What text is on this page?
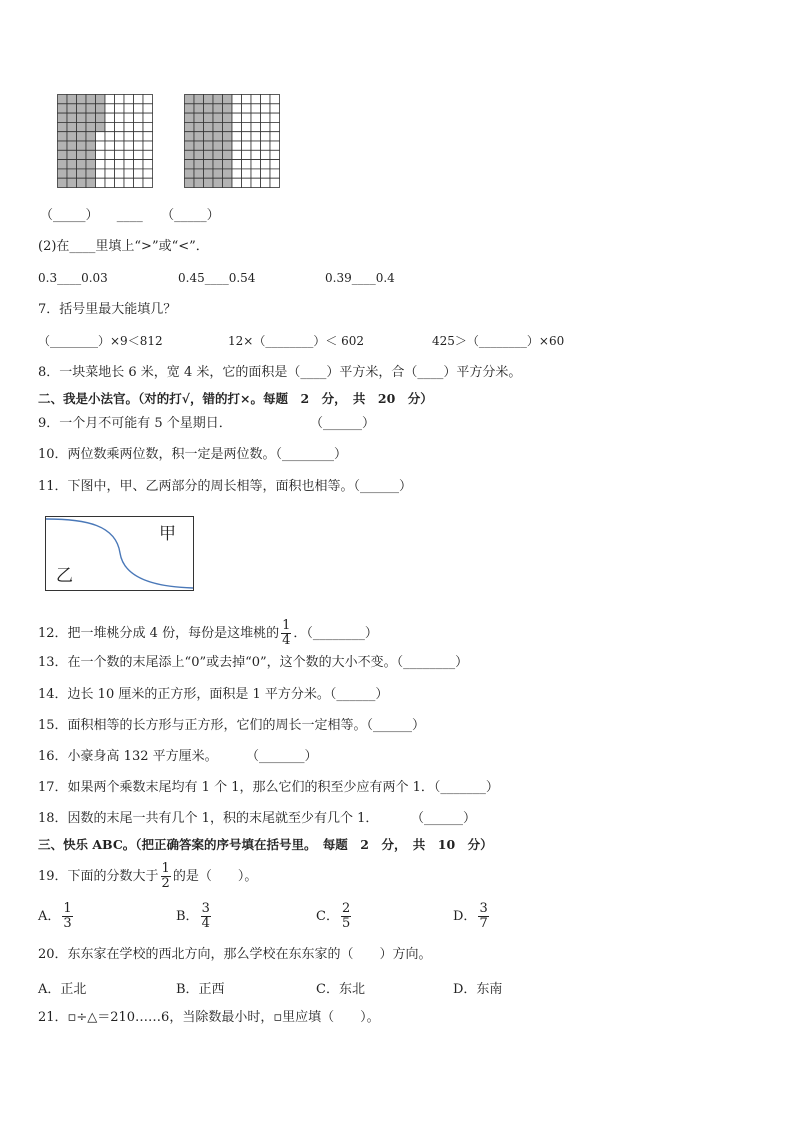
（_____） ____ （_____）
(2)在____里填上“>”或“<”．
0.3____0.03	0.45____0.54	0.39____0.4
7．括号里最大能填几？
（________）×9＜812	12×（________）＜ 602	425＞（________）×60
8．一块菜地长 6 米，宽 4 米，它的面积是（____）平方米，合（____）平方分米。
二、我是小法官。（对的打√，错的打×。每题　2　分，　共　20　分）
9．一个月不可能有 5 个星期日．	（______）
10．两位数乘两位数，积一定是两位数。（________）
11．下图中，甲、乙两部分的周长相等，面积也相等。（______）
甲
乙
12．把一堆桃分成 4 份，每份是这堆桃的 $\frac{1}{4}$ ．（________）
13．在一个数的末尾添上“0”或去掉“0”，这个数的大小不变。（________）
14．边长 10 厘米的正方形，面积是 1 平方分米。（______）
15．面积相等的长方形与正方形，它们的周长一定相等。（______）
16．小豪身高 132 平方厘米。 （_______）
17．如果两个乘数末尾均有 1 个 1，那么它们的积至少应有两个 1．（_______）
18．因数的末尾一共有几个 1，积的末尾就至少有几个 1．	（______）
三、快乐 ABC。（把正确答案的序号填在括号里。　每题　2　分，　共　10　分）
19．下面的分数大于 $\frac{1}{2}$ 的是（　　）。
A． $\frac{1}{3}$	B． $\frac{3}{4}$	C． $\frac{2}{5}$	D． $\frac{3}{7}$
20．东东家在学校的西北方向，那么学校在东东家的（　　）方向。
A．正北	B．正西	C．东北	D．东南
21．▫÷△＝210……6，当除数最小时，▫里应填（　　）。
